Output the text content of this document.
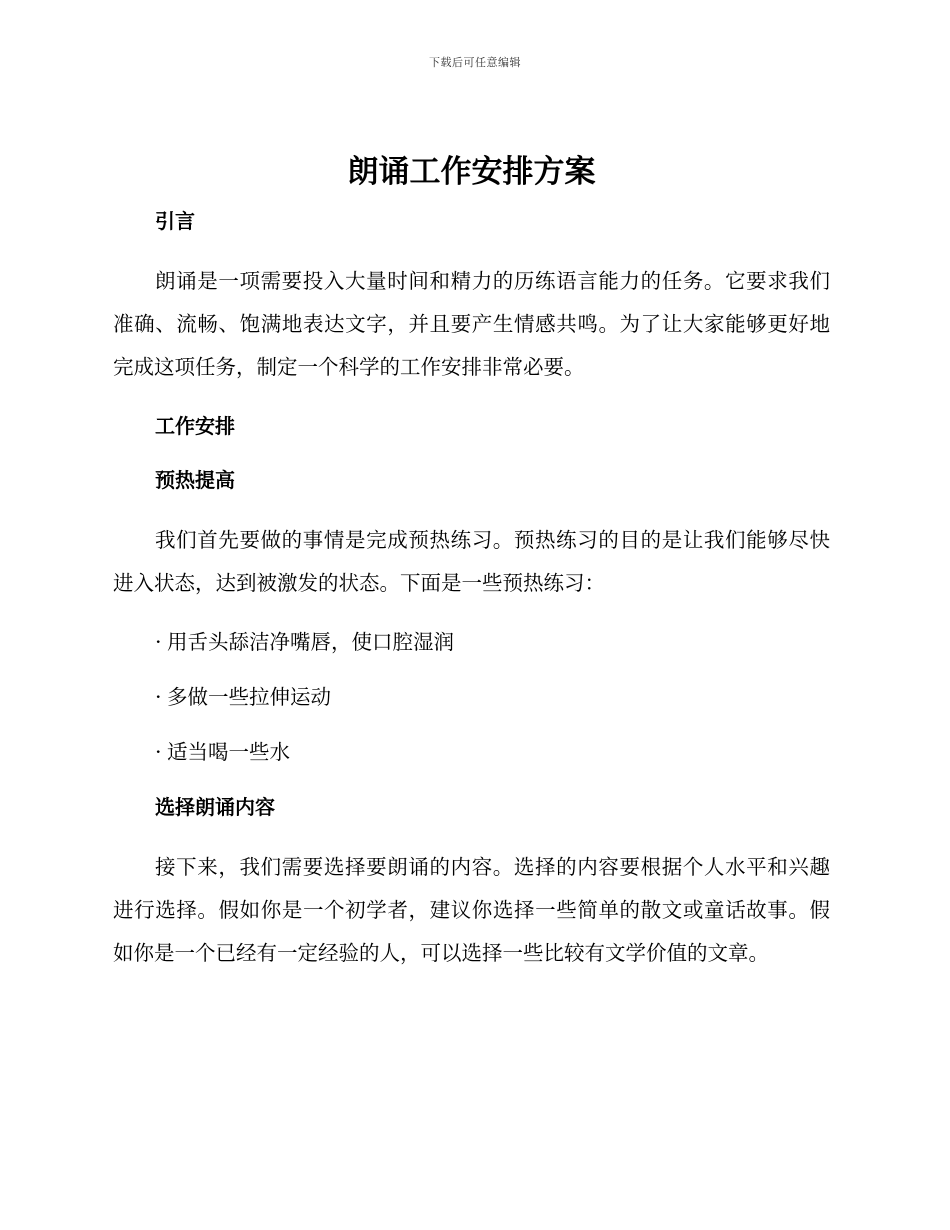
下载后可任意编辑
朗诵工作安排方案
引言

朗诵是一项需要投入大量时间和精力的历练语言能力的任务。它要求我们准确、流畅、饱满地表达文字，并且要产生情感共鸣。为了让大家能够更好地完成这项任务，制定一个科学的工作安排非常必要。

工作安排
预热提高

我们首先要做的事情是完成预热练习。预热练习的目的是让我们能够尽快进入状态，达到被激发的状态。下面是一些预热练习：

· 用舌头舔洁净嘴唇，使口腔湿润
· 多做一些拉伸运动
· 适当喝一些水
选择朗诵内容

接下来，我们需要选择要朗诵的内容。选择的内容要根据个人水平和兴趣进行选择。假如你是一个初学者，建议你选择一些简单的散文或童话故事。假如你是一个已经有一定经验的人，可以选择一些比较有文学价值的文章。
